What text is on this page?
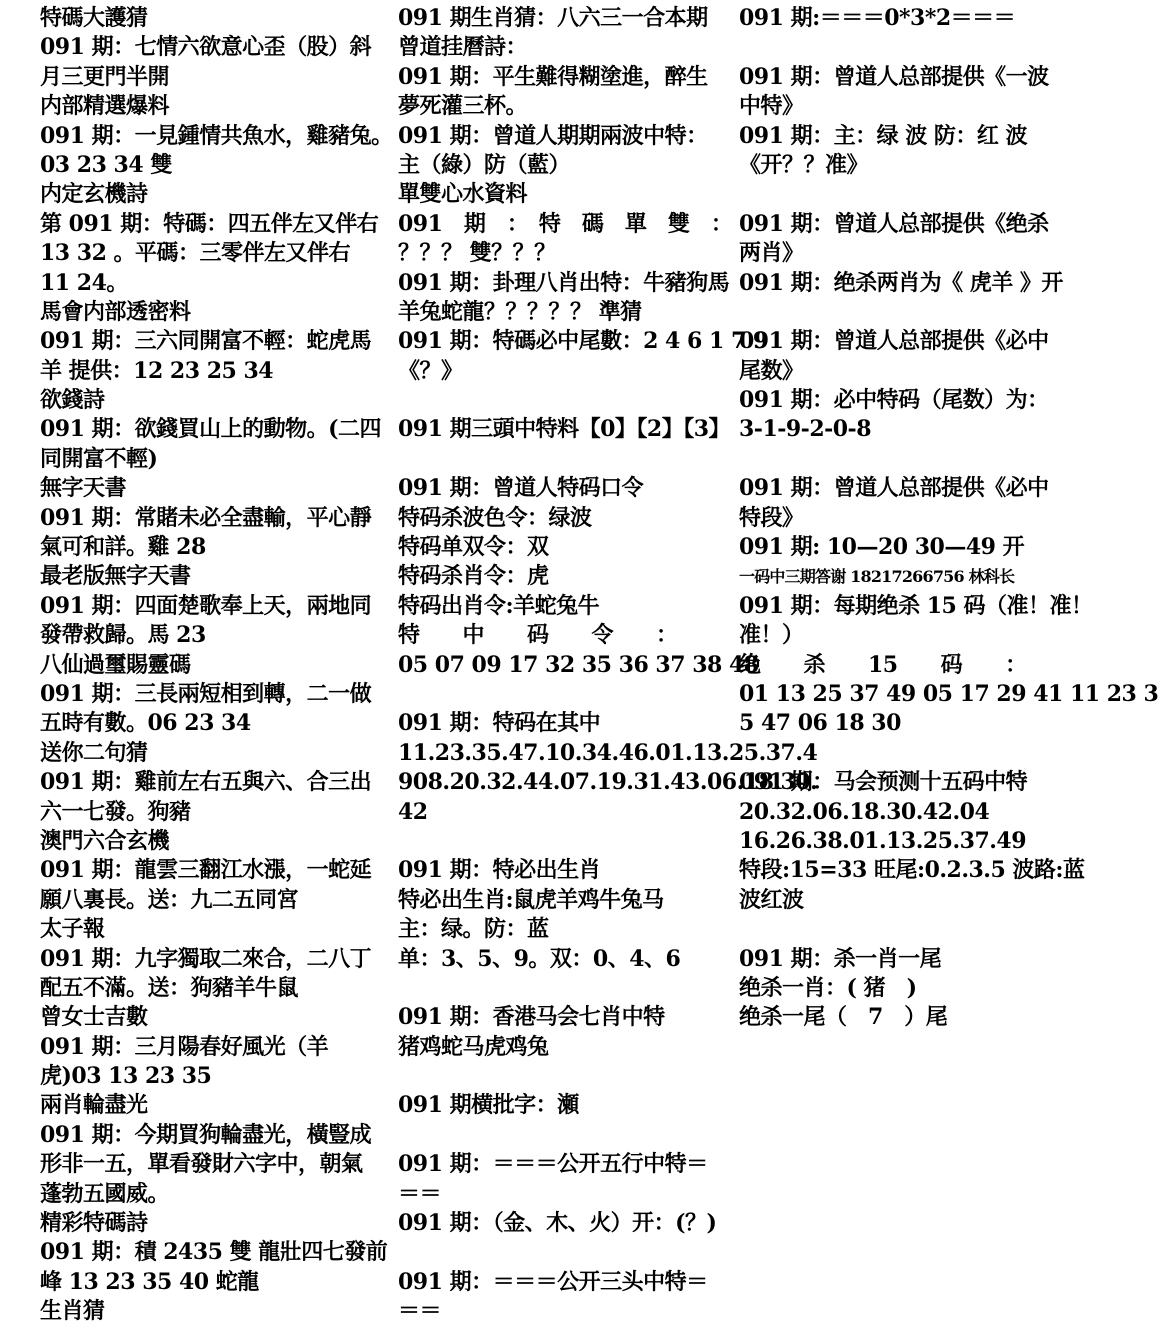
特碼大護猜
091 期：七情六欲意心歪（股）斜
月三更門半開
内部精選爆料
091 期：一見鍾情共魚水，雞豬兔。
03 23 34 雙
内定玄機詩
第 091 期：特碼：四五伴左又伴右
13 32 。平碼：三零伴左又伴右
11 24。
馬會内部透密料
091 期：三六同開富不輕：蛇虎馬
羊 提供：12 23 25 34
欲錢詩
091 期：欲錢買山上的動物。(二四
同開富不輕)
無字天書
091 期：常賭未必全盡輸，平心靜
氣可和詳。雞 28
最老版無字天書
091 期：四面楚歌奉上天，兩地同
發帶救歸。馬 23
八仙過璽賜靈碼
091 期：三長兩短相到轉，二一做
五時有數。06 23 34
送你二句猜
091 期：雞前左右五與六、合三出
六一七發。狗豬
澳門六合玄機
091 期：龍雲三翻江水漲，一蛇延
願八裏長。送：九二五同宮
太子報
091 期：九字獨取二來合，二八丁
配五不滿。送：狗豬羊牛鼠
曾女士吉數
091 期：三月陽春好風光（羊
虎)03 13 23 35
兩肖輪盡光
091 期：今期買狗輪盡光，橫豎成
形非一五，單看發財六字中，朝氣
蓬勃五國威。
精彩特碼詩
091 期：積 2435 雙 龍壯四七發前
峰 13 23 35 40 蛇龍
生肖猜
091 期生肖猜：八六三一合本期
曾道挂曆詩：
091 期：平生難得糊塗進，醉生
夢死灌三杯。
091 期：曾道人期期兩波中特：
主（綠）防（藍）
單雙心水資料
091　期　：　特　碼　單　雙　：
？？？ 雙？？？
091 期：卦理八肖出特：牛豬狗馬
羊兔蛇龍？？？？？ 準猜
091 期：特碼必中尾數：2 4 6 1 7 9
《？》
091 期三頭中特料【0】【2】【3】
091 期：曾道人特码口令
特码杀波色令：绿波
特码单双令：双
特码杀肖令：虎
特码出肖令:羊蛇兔牛
特　　中　　码　　令　　：
05 07 09 17 32 35 36 37 38 48
091 期：特码在其中
11.23.35.47.10.34.46.01.13.25.37.4
908.20.32.44.07.19.31.43.06.18.30.
42
091 期：特必出生肖
特必出生肖:鼠虎羊鸡牛兔马
主：绿。防：蓝
单：3、5、9。双：0、4、6
091 期：香港马会七肖中特
猪鸡蛇马虎鸡兔
091 期横批字：瀬
091 期：＝＝＝公开五行中特＝
＝＝
091 期：（金、木、火）开：(？)
091 期：＝＝＝公开三头中特＝
＝＝
091 期:＝＝＝0*3*2＝＝＝
091 期：曾道人总部提供《一波
中特》
091 期：主：绿 波 防：红 波
《开？？准》
091 期：曾道人总部提供《绝杀
两肖》
091 期：绝杀两肖为《 虎羊 》开
091 期：曾道人总部提供《必中
尾数》
091 期：必中特码（尾数）为：
3-1-9-2-0-8
091 期：曾道人总部提供《必中
特段》
091 期: 10—20 30—49 开
一码中三期答谢 18217266756 林科长
091 期：每期绝杀 15 码（准！准！
准！）
绝　　杀　　15　　码　　：
01 13 25 37 49 05 17 29 41 11 23 3
5 47 06 18 30
091 期：马会预测十五码中特
20.32.06.18.30.42.04
16.26.38.01.13.25.37.49
特段:15=33 旺尾:0.2.3.5 波路:蓝
波红波
091 期：杀一肖一尾
绝杀一肖：( 猪　)
绝杀一尾（　7　）尾
